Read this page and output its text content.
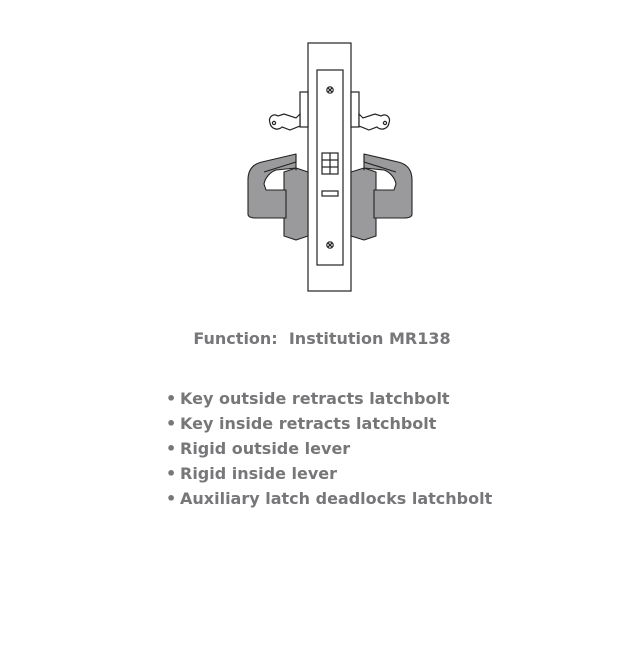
Function:  Institution MR138
• Key outside retracts latchbolt
• Key inside retracts latchbolt
• Rigid outside lever
• Rigid inside lever
• Auxiliary latch deadlocks latchbolt
